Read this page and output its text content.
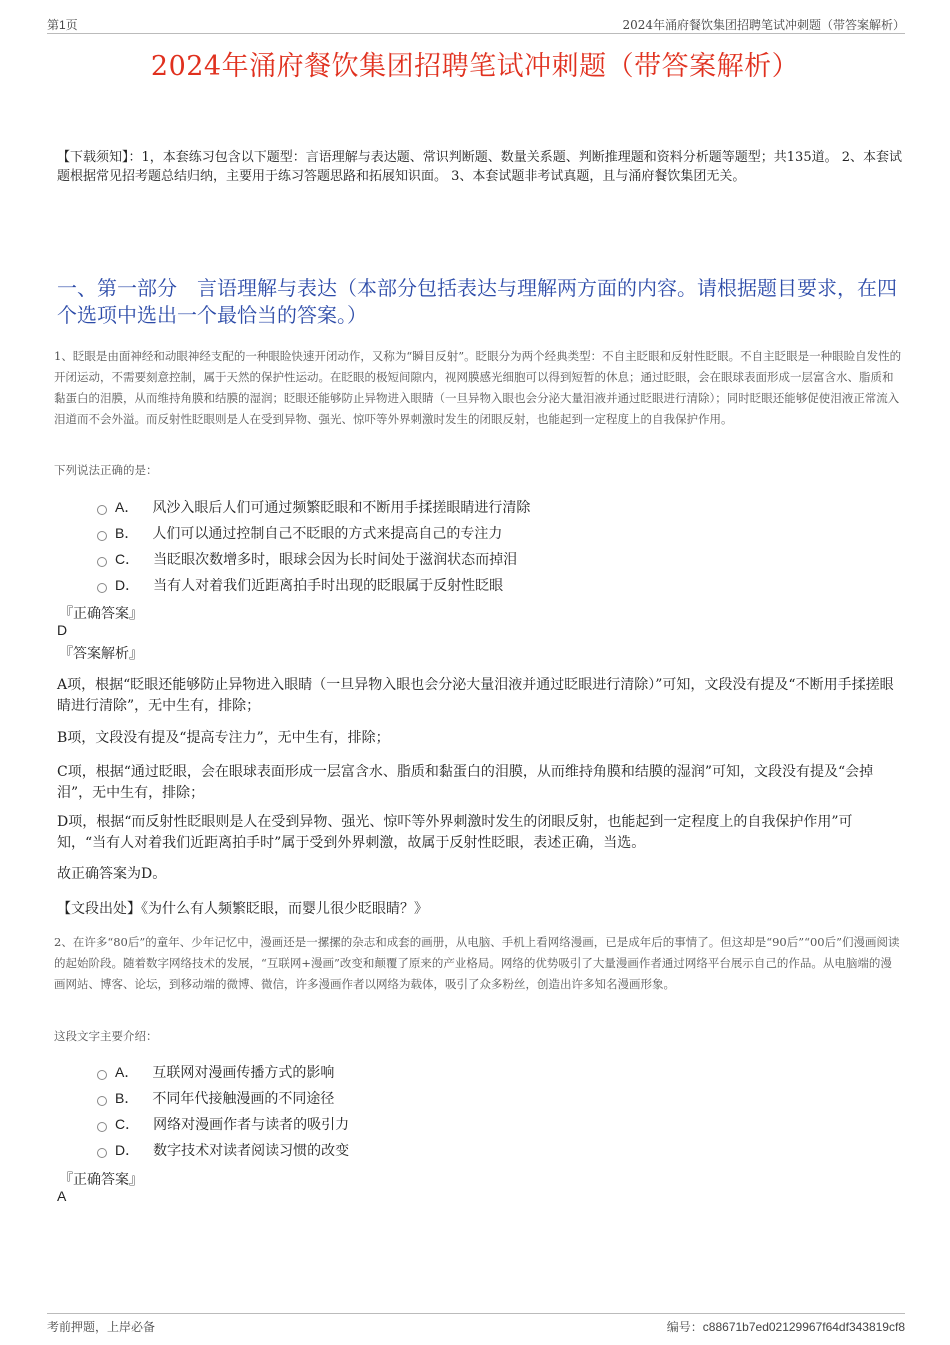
第1页	2024年涌府餐饮集团招聘笔试冲刺题（带答案解析）
2024年涌府餐饮集团招聘笔试冲刺题（带答案解析）
【下载须知】：1，本套练习包含以下题型：言语理解与表达题、常识判断题、数量关系题、判断推理题和资料分析题等题型；共135道。 2、本套试题根据常见招考题总结归纳，主要用于练习答题思路和拓展知识面。 3、本套试题非考试真题，且与涌府餐饮集团无关。
一、第一部分　言语理解与表达（本部分包括表达与理解两方面的内容。请根据题目要求，在四个选项中选出一个最恰当的答案。）
1、眨眼是由面神经和动眼神经支配的一种眼睑快速开闭动作，又称为“瞬目反射”。眨眼分为两个经典类型：不自主眨眼和反射性眨眼。不自主眨眼是一种眼睑自发性的开闭运动，不需要刻意控制，属于天然的保护性运动。在眨眼的极短间隙内，视网膜感光细胞可以得到短暂的休息；通过眨眼，会在眼球表面形成一层富含水、脂质和黏蛋白的泪膜，从而维持角膜和结膜的湿润；眨眼还能够防止异物进入眼睛（一旦异物入眼也会分泌大量泪液并通过眨眼进行清除）；同时眨眼还能够促使泪液正常流入泪道而不会外溢。而反射性眨眼则是人在受到异物、强光、惊吓等外界刺激时发生的闭眼反射，也能起到一定程度上的自我保护作用。
下列说法正确的是：
A． 风沙入眼后人们可通过频繁眨眼和不断用手揉搓眼睛进行清除
B． 人们可以通过控制自己不眨眼的方式来提高自己的专注力
C． 当眨眼次数增多时，眼球会因为长时间处于滋润状态而掉泪
D． 当有人对着我们近距离拍手时出现的眨眼属于反射性眨眼
『正确答案』
D
『答案解析』
A项，根据“眨眼还能够防止异物进入眼睛（一旦异物入眼也会分泌大量泪液并通过眨眼进行清除）”可知，文段没有提及“不断用手揉搓眼睛进行清除”，无中生有，排除；
B项，文段没有提及“提高专注力”，无中生有，排除；
C项，根据“通过眨眼，会在眼球表面形成一层富含水、脂质和黏蛋白的泪膜，从而维持角膜和结膜的湿润”可知，文段没有提及“会掉泪”，无中生有，排除；
D项，根据“而反射性眨眼则是人在受到异物、强光、惊吓等外界刺激时发生的闭眼反射，也能起到一定程度上的自我保护作用”可知，“当有人对着我们近距离拍手时”属于受到外界刺激，故属于反射性眨眼，表述正确，当选。
故正确答案为D。
【文段出处】《为什么有人频繁眨眼，而婴儿很少眨眼睛？》
2、在许多“80后”的童年、少年记忆中，漫画还是一摞摞的杂志和成套的画册，从电脑、手机上看网络漫画，已是成年后的事情了。但这却是“90后”“00后”们漫画阅读的起始阶段。随着数字网络技术的发展，“互联网+漫画”改变和颠覆了原来的产业格局。网络的优势吸引了大量漫画作者通过网络平台展示自己的作品。从电脑端的漫画网站、博客、论坛，到移动端的微博、微信，许多漫画作者以网络为载体，吸引了众多粉丝，创造出许多知名漫画形象。
这段文字主要介绍：
A． 互联网对漫画传播方式的影响
B． 不同年代接触漫画的不同途径
C． 网络对漫画作者与读者的吸引力
D． 数字技术对读者阅读习惯的改变
『正确答案』
A
考前押题，上岸必备	编号：c88671b7ed02129967f64df343819cf8
